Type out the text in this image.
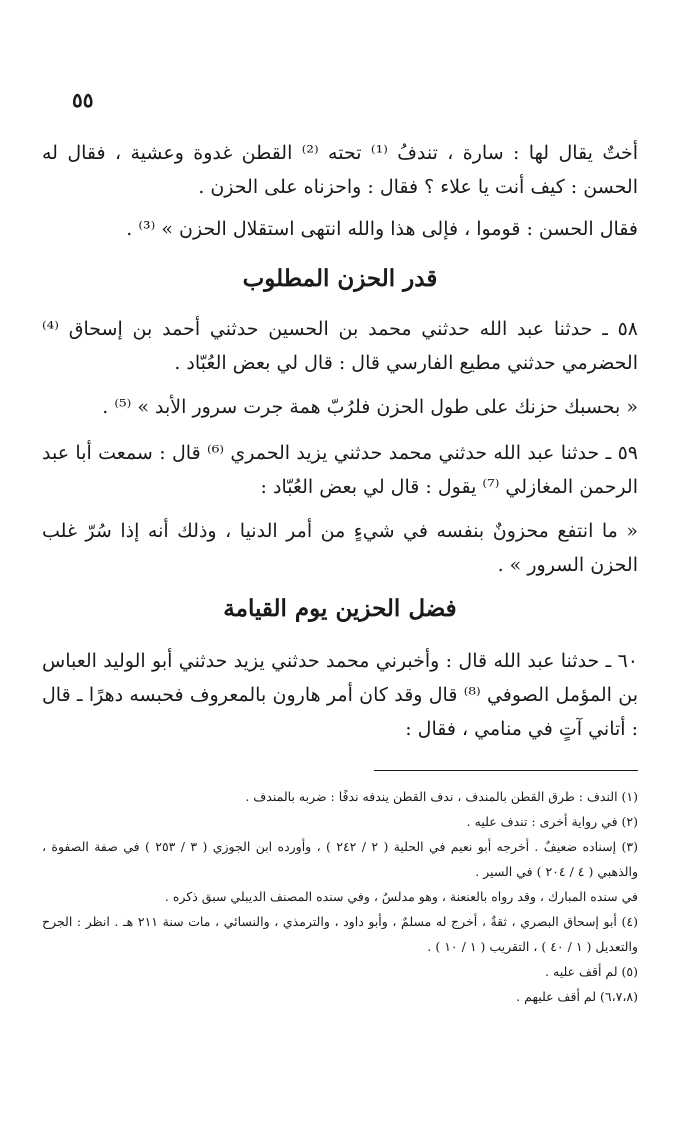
٥٥

أختٌ يقال لها : سارة ، تندفُ ⁽¹⁾ تحته ⁽²⁾ القطن غدوة وعشية ، فقال له الحسن : كيف أنت يا علاء ؟ فقال : واحزناه على الحزن .

فقال الحسن : قوموا ، فإلى هذا والله انتهى استقلال الحزن » ⁽³⁾ .

قدر الحزن المطلوب

٥٨ ـ حدثنا عبد الله حدثني محمد بن الحسين حدثني أحمد بن إسحاق ⁽⁴⁾ الحضرمي حدثني مطيع الفارسي قال : قال لي بعض العُبّاد .

« بحسبك حزنك على طول الحزن فلرُبّ همة جرت سرور الأبد » ⁽⁵⁾ .

٥٩ ـ حدثنا عبد الله حدثني محمد حدثني يزيد الحمري ⁽⁶⁾ قال : سمعت أبا عبد الرحمن المغازلي ⁽⁷⁾ يقول : قال لي بعض العُبّاد :

« ما انتفع محزونٌ بنفسه في شيءٍ من أمر الدنيا ، وذلك أنه إذا سُرّ غلب الحزن السرور » .

فضل الحزين يوم القيامة

٦٠ ـ حدثنا عبد الله قال : وأخبرني محمد حدثني يزيد حدثني أبو الوليد العباس بن المؤمل الصوفي ⁽⁸⁾ قال وقد كان أمر هارون بالمعروف فحبسه دهرًا ـ قال : أتاني آتٍ في منامي ، فقال :

(١) الندف : طرق القطن بالمندف ، ندف القطن يندفه ندفًا : ضربه بالمندف .
(٢) في رواية أخرى : تندف عليه .
(٣) إسناده ضعيفٌ . أخرجه أبو نعيم في الحلية ( ٢ / ٢٤٢ ) ، وأورده ابن الجوزي ( ٣ / ٢٥٣ ) في صفة الصفوة ، والذهبي ( ٤ / ٢٠٤ ) في السير .
في سنده المبارك ، وقد رواه بالعنعنة ، وهو مدلسٌ ، وفي سنده المصنف الديبلي سبق ذكره .
(٤) أبو إسحاق البصري ، ثقةٌ ، أخرج له مسلمٌ ، وأبو داود ، والترمذي ، والنسائي ، مات سنة ٢١١ هـ . انظر : الجرح والتعديل ( ١ / ٤٠ ) ، التقريب ( ١ / ١٠ ) .
(٥) لم أقف عليه .
(٦،٧،٨) لم أقف عليهم .
